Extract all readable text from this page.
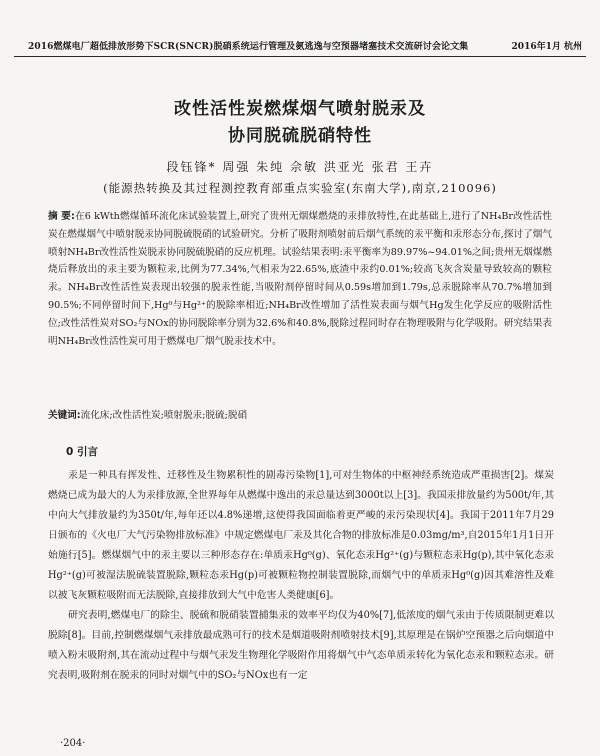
2016燃煤电厂超低排放形势下SCR(SNCR)脱硝系统运行管理及氨逃逸与空预器堵塞技术交流研讨会论文集	2016年1月 杭州
改性活性炭燃煤烟气喷射脱汞及
协同脱硫脱硝特性
段钰锋* 周强 朱纯 佘敏 洪亚光 张君 王卉
(能源热转换及其过程测控教育部重点实验室(东南大学),南京,210096)
摘 要:在6 kWth燃煤循环流化床试验装置上,研究了贵州无烟煤燃烧的汞排放特性,在此基础上,进行了NH₄Br改性活性炭在燃煤烟气中喷射脱汞协同脱硫脱硝的试验研究。分析了吸附剂喷射前后烟气系统的汞平衡和汞形态分布,探讨了烟气喷射NH₄Br改性活性炭脱汞协同脱硫脱硝的反应机理。试验结果表明:汞平衡率为89.97%~94.01%之间;贵州无烟煤燃烧后释放出的汞主要为颗粒汞,比例为77.34%,气相汞为22.65%,底渣中汞约0.01%;较高飞灰含炭量导致较高的颗粒汞。NH₄Br改性活性炭表现出较强的脱汞性能,当吸附剂停留时间从0.59s增加到1.79s,总汞脱除率从70.7%增加到90.5%;不同停留时间下,Hg⁰与Hg²⁺的脱除率相近;NH₄Br改性增加了活性炭表面与烟气Hg发生化学反应的吸附活性位;改性活性炭对SO₂与NOx的协同脱除率分别为32.6%和40.8%,脱除过程同时存在物理吸附与化学吸附。研究结果表明NH₄Br改性活性炭可用于燃煤电厂烟气脱汞技术中。
关键词:流化床;改性活性炭;喷射脱汞;脱硫;脱硝
0 引言
汞是一种具有挥发性、迁移性及生物累积性的剧毒污染物[1],可对生物体的中枢神经系统造成严重损害[2]。煤炭燃烧已成为最大的人为汞排放源,全世界每年从燃煤中逸出的汞总量达到3000t以上[3]。我国汞排放量约为500t/年,其中向大气排放量约为350t/年,每年还以4.8%递增,这使得我国面临着更严峻的汞污染现状[4]。我国于2011年7月29日颁布的《火电厂大气污染物排放标准》中规定燃煤电厂汞及其化合物的排放标准是0.03mg/m³,自2015年1月1日开始施行[5]。燃煤烟气中的汞主要以三种形态存在:单质汞Hg⁰(g)、氧化态汞Hg²⁺(g)与颗粒态汞Hg(p),其中氧化态汞Hg²⁺(g)可被湿法脱硫装置脱除,颗粒态汞Hg(p)可被颗粒物控制装置脱除,而烟气中的单质汞Hg⁰(g)因其难溶性及难以被飞灰颗粒吸附而无法脱除,直接排放到大气中危害人类健康[6]。
研究表明,燃煤电厂的除尘、脱硫和脱硝装置捕集汞的效率平均仅为40%[7],低浓度的烟气汞由于传质限制更难以脱除[8]。目前,控制燃煤烟气汞排放最成熟可行的技术是烟道吸附剂喷射技术[9],其原理是在锅炉空预器之后向烟道中喷入粉末吸附剂,其在流动过程中与烟气汞发生物理化学吸附作用将烟气中气态单质汞转化为氧化态汞和颗粒态汞。研究表明,吸附剂在脱汞的同时对烟气中的SO₂与NOx也有一定
·204·
